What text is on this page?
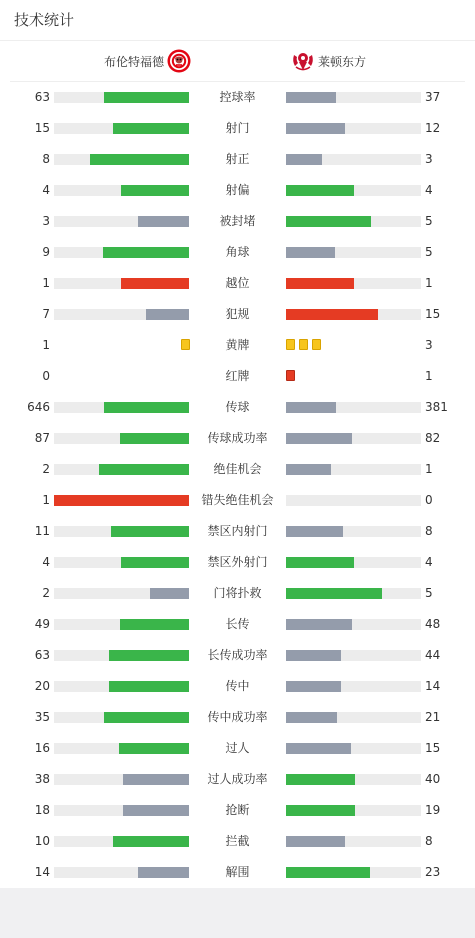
技术统计
布伦特福德	莱顿东方
63	控球率	37
15	射门	12
8	射正	3
4	射偏	4
3	被封堵	5
9	角球	5
1	越位	1
7	犯规	15
1	黄牌	3
0	红牌	1
646	传球	381
87	传球成功率	82
2	绝佳机会	1
1	错失绝佳机会	0
11	禁区内射门	8
4	禁区外射门	4
2	门将扑救	5
49	长传	48
63	长传成功率	44
20	传中	14
35	传中成功率	21
16	过人	15
38	过人成功率	40
18	抢断	19
10	拦截	8
14	解围	23
